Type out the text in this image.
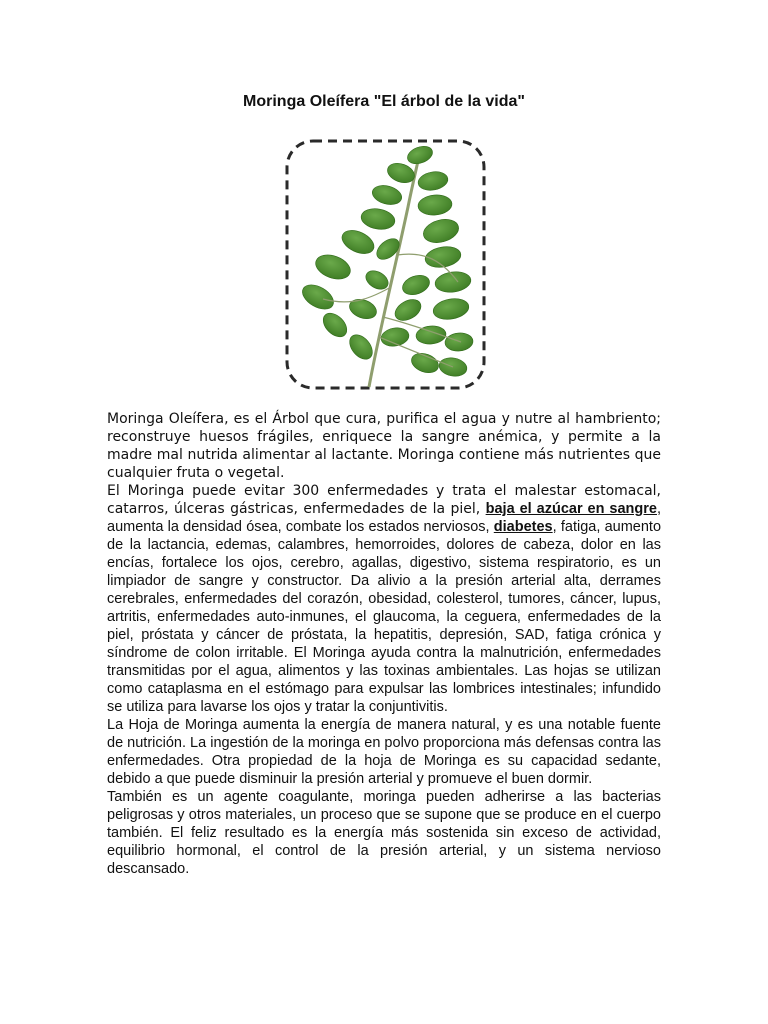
Moringa Oleífera "El árbol de la vida"

Moringa Oleífera, es el Árbol que cura, purifica el agua y nutre al hambriento; reconstruye huesos frágiles, enriquece la sangre anémica, y permite a la madre mal nutrida alimentar al lactante. Moringa contiene más nutrientes que cualquier fruta o vegetal.

El Moringa puede evitar 300 enfermedades y trata el malestar estomacal, catarros, úlceras gástricas, enfermedades de la piel, baja el azúcar en sangre, aumenta la densidad ósea, combate los estados nerviosos, diabetes, fatiga, aumento de la lactancia, edemas, calambres, hemorroides, dolores de cabeza, dolor en las encías, fortalece los ojos, cerebro, agallas, digestivo, sistema respiratorio, es un limpiador de sangre y constructor. Da alivio a la presión arterial alta, derrames cerebrales, enfermedades del corazón, obesidad, colesterol, tumores, cáncer, lupus, artritis, enfermedades auto-inmunes, el glaucoma, la ceguera, enfermedades de la piel, próstata y cáncer de próstata, la hepatitis, depresión, SAD, fatiga crónica y síndrome de colon irritable. El Moringa ayuda contra la malnutrición, enfermedades transmitidas por el agua, alimentos y las toxinas ambientales. Las hojas se utilizan como cataplasma en el estómago para expulsar las lombrices intestinales; infundido se utiliza para lavarse los ojos y tratar la conjuntivitis.

La Hoja de Moringa aumenta la energía de manera natural, y es una notable fuente de nutrición. La ingestión de la moringa en polvo proporciona más defensas contra las enfermedades. Otra propiedad de la hoja de Moringa es su capacidad sedante, debido a que puede disminuir la presión arterial y promueve el buen dormir.

También es un agente coagulante, moringa pueden adherirse a las bacterias peligrosas y otros materiales, un proceso que se supone que se produce en el cuerpo también. El feliz resultado es la energía más sostenida sin exceso de actividad, equilibrio hormonal, el control de la presión arterial, y un sistema nervioso descansado.
